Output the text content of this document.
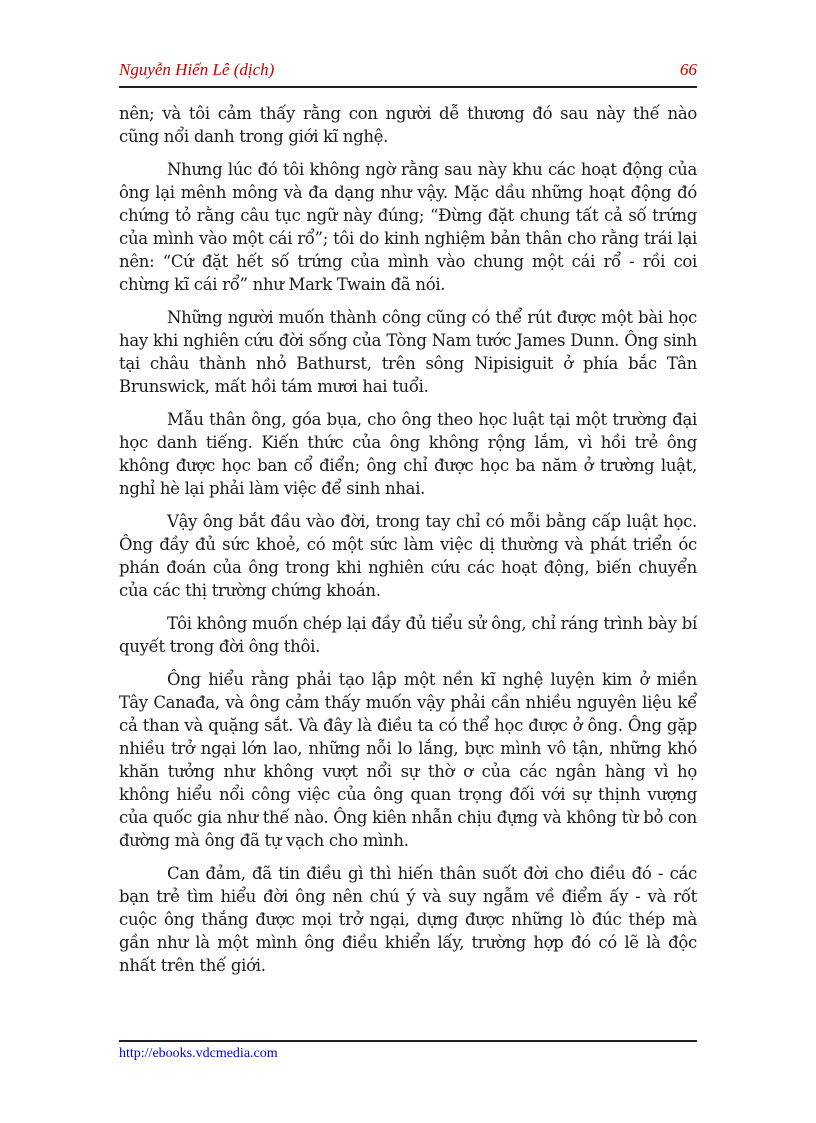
Nguyễn Hiến Lê (dịch)	66

nên; và tôi cảm thấy rằng con người dễ thương đó sau này thế nào cũng nổi danh trong giới kĩ nghệ.

Nhưng lúc đó tôi không ngờ rằng sau này khu các hoạt động của ông lại mênh mông và đa dạng như vậy. Mặc dầu những hoạt động đó chứng tỏ rằng câu tục ngữ này đúng; “Đừng đặt chung tất cả số trứng của mình vào một cái rổ”; tôi do kinh nghiệm bản thân cho rằng trái lại nên: “Cứ đặt hết số trứng của mình vào chung một cái rổ - rồi coi chừng kĩ cái rổ” như Mark Twain đã nói.

Những người muốn thành công cũng có thể rút được một bài học hay khi nghiên cứu đời sống của Tòng Nam tước James Dunn. Ông sinh tại châu thành nhỏ Bathurst, trên sông Nipisiguit ở phía bắc Tân Brunswick, mất hồi tám mươi hai tuổi.

Mẫu thân ông, góa bụa, cho ông theo học luật tại một trường đại học danh tiếng. Kiến thức của ông không rộng lắm, vì hồi trẻ ông không được học ban cổ điển; ông chỉ được học ba năm ở trường luật, nghỉ hè lại phải làm việc để sinh nhai.

Vậy ông bắt đầu vào đời, trong tay chỉ có mỗi bằng cấp luật học. Ông đầy đủ sức khoẻ, có một sức làm việc dị thường và phát triển óc phán đoán của ông trong khi nghiên cứu các hoạt động, biến chuyển của các thị trường chứng khoán.

Tôi không muốn chép lại đầy đủ tiểu sử ông, chỉ ráng trình bày bí quyết trong đời ông thôi.

Ông hiểu rằng phải tạo lập một nền kĩ nghệ luyện kim ở miền Tây Canađa, và ông cảm thấy muốn vậy phải cần nhiều nguyên liệu kể cả than và quặng sắt. Và đây là điều ta có thể học được ở ông. Ông gặp nhiều trở ngại lớn lao, những nỗi lo lắng, bực mình vô tận, những khó khăn tưởng như không vượt nổi sự thờ ơ của các ngân hàng vì họ không hiểu nổi công việc của ông quan trọng đối với sự thịnh vượng của quốc gia như thế nào. Ông kiên nhẫn chịu đựng và không từ bỏ con đường mà ông đã tự vạch cho mình.

Can đảm, đã tin điều gì thì hiến thân suốt đời cho điều đó - các bạn trẻ tìm hiểu đời ông nên chú ý và suy ngẫm về điểm ấy - và rốt cuộc ông thắng được mọi trở ngại, dựng được những lò đúc thép mà gần như là một mình ông điều khiển lấy, trường hợp đó có lẽ là độc nhất trên thế giới.

http://ebooks.vdcmedia.com
